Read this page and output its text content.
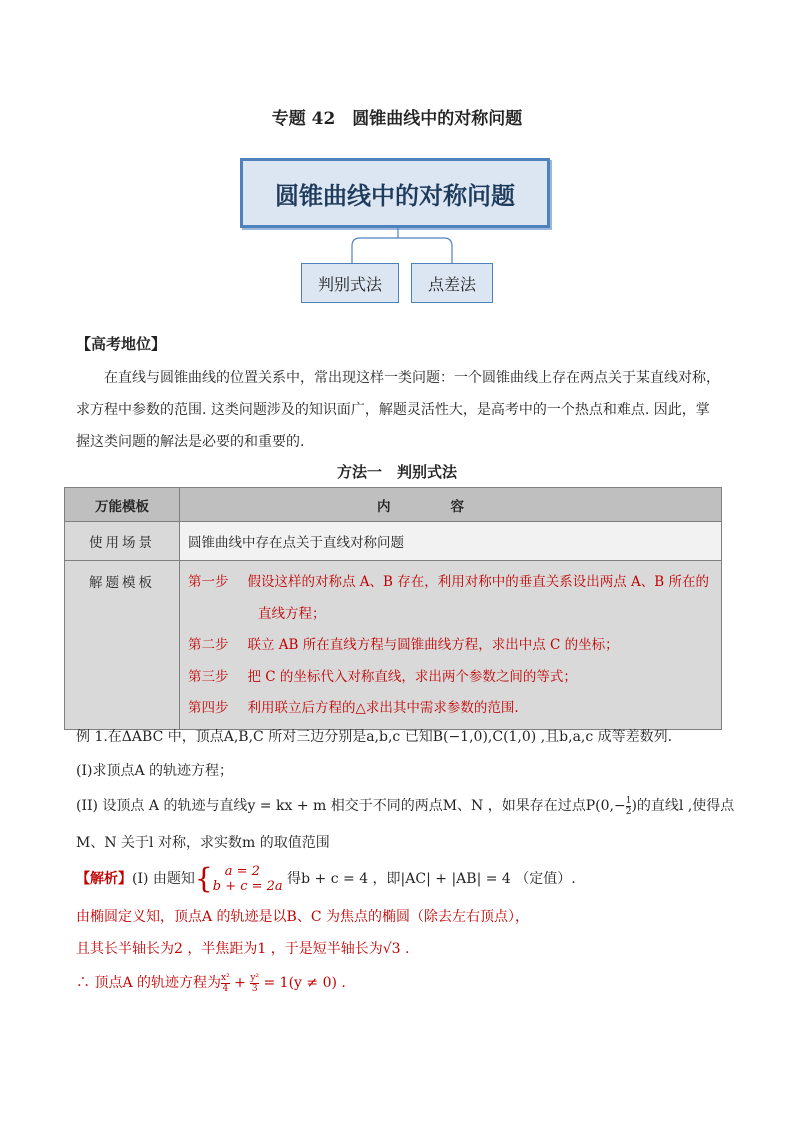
专题 42　圆锥曲线中的对称问题
圆锥曲线中的对称问题
判别式法	点差法
【高考地位】
在直线与圆锥曲线的位置关系中，常出现这样一类问题：一个圆锥曲线上存在两点关于某直线对称，求方程中参数的范围. 这类问题涉及的知识面广，解题灵活性大，是高考中的一个热点和难点. 因此，掌握这类问题的解法是必要的和重要的.
方法一　判别式法
万能模板	内容
使用场景	圆锥曲线中存在点关于直线对称问题
解题模板	第一步　 假设这样的对称点 A、B 存在，利用对称中的垂直关系设出两点 A、B 所在的
直线方程；
第二步　 联立 AB 所在直线方程与圆锥曲线方程，求出中点 C 的坐标；
第三步　 把 C 的坐标代入对称直线，求出两个参数之间的等式；
第四步　 利用联立后方程的△求出其中需求参数的范围.
例 1.在ΔABC 中，顶点A,B,C 所对三边分别是a,b,c 已知B(−1,0),C(1,0) ,且b,a,c 成等差数列.
(I)求顶点A 的轨迹方程；
(II) 设顶点 A 的轨迹与直线y = kx + m 相交于不同的两点M、N ，如果存在过点$P(0,- \frac{1}{2}$ )的直线l ,使得点
M、N 关于l 对称，求实数m 的取值范围
【解析】(I) 由题知{ a = 2
b + c = 2a 得b + c = 4 ，即|AC| + |AB| = 4 （定值）.
由椭圆定义知，顶点A 的轨迹是以B、C 为焦点的椭圆（除去左右顶点），
且其长半轴长为2 ，半焦距为1 ，于是短半轴长为√3 .
∴ 顶点A 的轨迹方程为 $\frac{\text{x²}}{4} + \frac{\text{y²}}{3} = 1(y \ne 0)$ .
